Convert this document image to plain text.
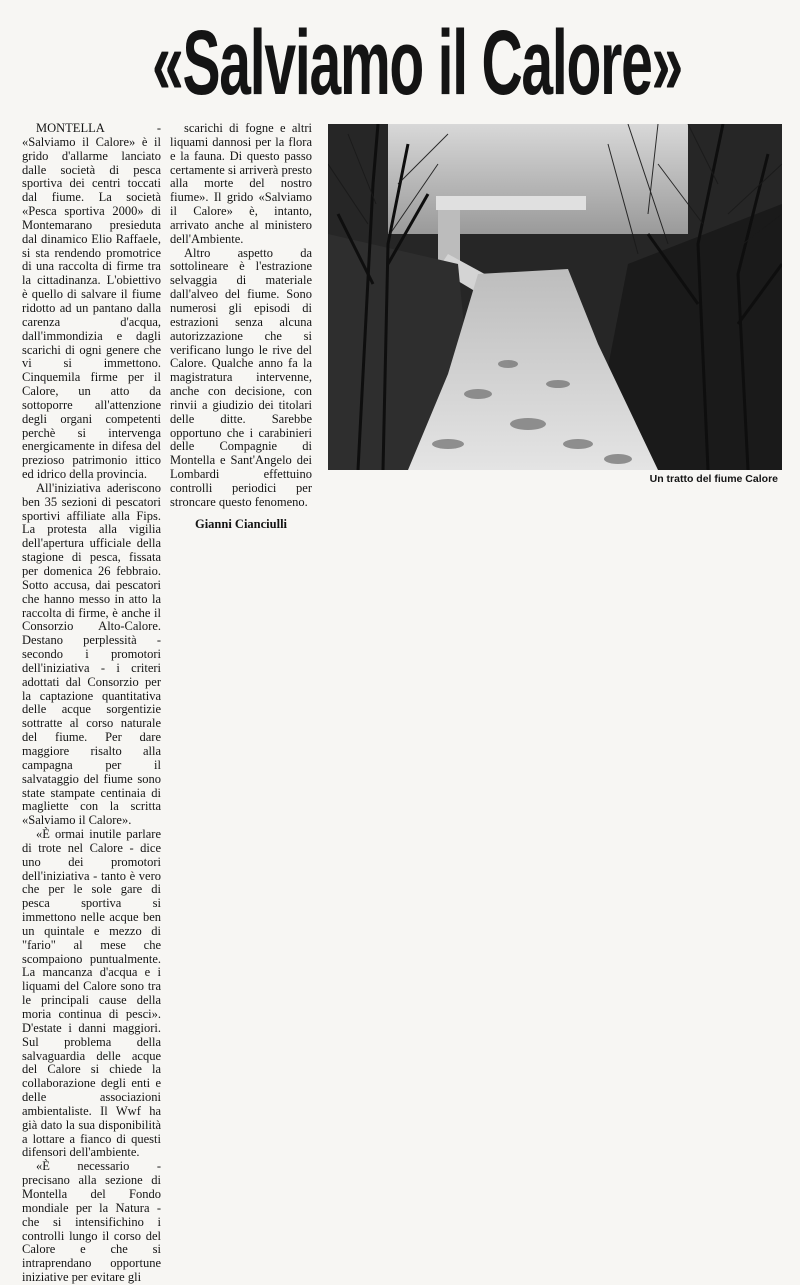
«Salviamo il Calore»

MONTELLA - «Salviamo il Calore» è il grido d'allarme lanciato dalle società di pesca sportiva dei centri toccati dal fiume. La società «Pesca sportiva 2000» di Montemarano presieduta dal dinamico Elio Raffaele, si sta rendendo promotrice di una raccolta di firme tra la cittadinanza. L'obiettivo è quello di salvare il fiume ridotto ad un pantano dalla carenza d'acqua, dall'immondizia e dagli scarichi di ogni genere che vi si immettono. Cinquemila firme per il Calore, un atto da sottoporre all'attenzione degli organi competenti perchè si intervenga energicamente in difesa del prezioso patrimonio ittico ed idrico della provincia.

All'iniziativa aderiscono ben 35 sezioni di pescatori sportivi affiliate alla Fips. La protesta alla vigilia dell'apertura ufficiale della stagione di pesca, fissata per domenica 26 febbraio. Sotto accusa, dai pescatori che hanno messo in atto la raccolta di firme, è anche il Consorzio Alto-Calore. Destano perplessità - secondo i promotori dell'iniziativa - i criteri adottati dal Consorzio per la captazione quantitativa delle acque sorgentizie sottratte al corso naturale del fiume. Per dare maggiore risalto alla campagna per il salvataggio del fiume sono state stampate centinaia di magliette con la scritta «Salviamo il Calore».

«È ormai inutile parlare di trote nel Calore - dice uno dei promotori dell'iniziativa - tanto è vero che per le sole gare di pesca sportiva si immettono nelle acque ben un quintale e mezzo di "fario" al mese che scompaiono puntualmente. La mancanza d'acqua e i liquami del Calore sono tra le principali cause della moria continua di pesci». D'estate i danni maggiori. Sul problema della salvaguardia delle acque del Calore si chiede la collaborazione degli enti e delle associazioni ambientaliste. Il Wwf ha già dato la sua disponibilità a lottare a fianco di questi difensori dell'ambiente.

«È necessario - precisano alla sezione di Montella del Fondo mondiale per la Natura - che si intensifichino i controlli lungo il corso del Calore e che si intraprendano opportune iniziative per evitare gli

scarichi di fogne e altri liquami dannosi per la flora e la fauna. Di questo passo certamente si arriverà presto alla morte del nostro fiume». Il grido «Salviamo il Calore» è, intanto, arrivato anche al ministero dell'Ambiente.

Altro aspetto da sottolineare è l'estrazione selvaggia di materiale dall'alveo del fiume. Sono numerosi gli episodi di estrazioni senza alcuna autorizzazione che si verificano lungo le rive del Calore. Qualche anno fa la magistratura intervenne, anche con decisione, con rinvii a giudizio dei titolari delle ditte. Sarebbe opportuno che i carabinieri delle Compagnie di Montella e Sant'Angelo dei Lombardi effettuino controlli periodici per stroncare questo fenomeno.

Gianni Cianciulli
Un tratto del fiume Calore
